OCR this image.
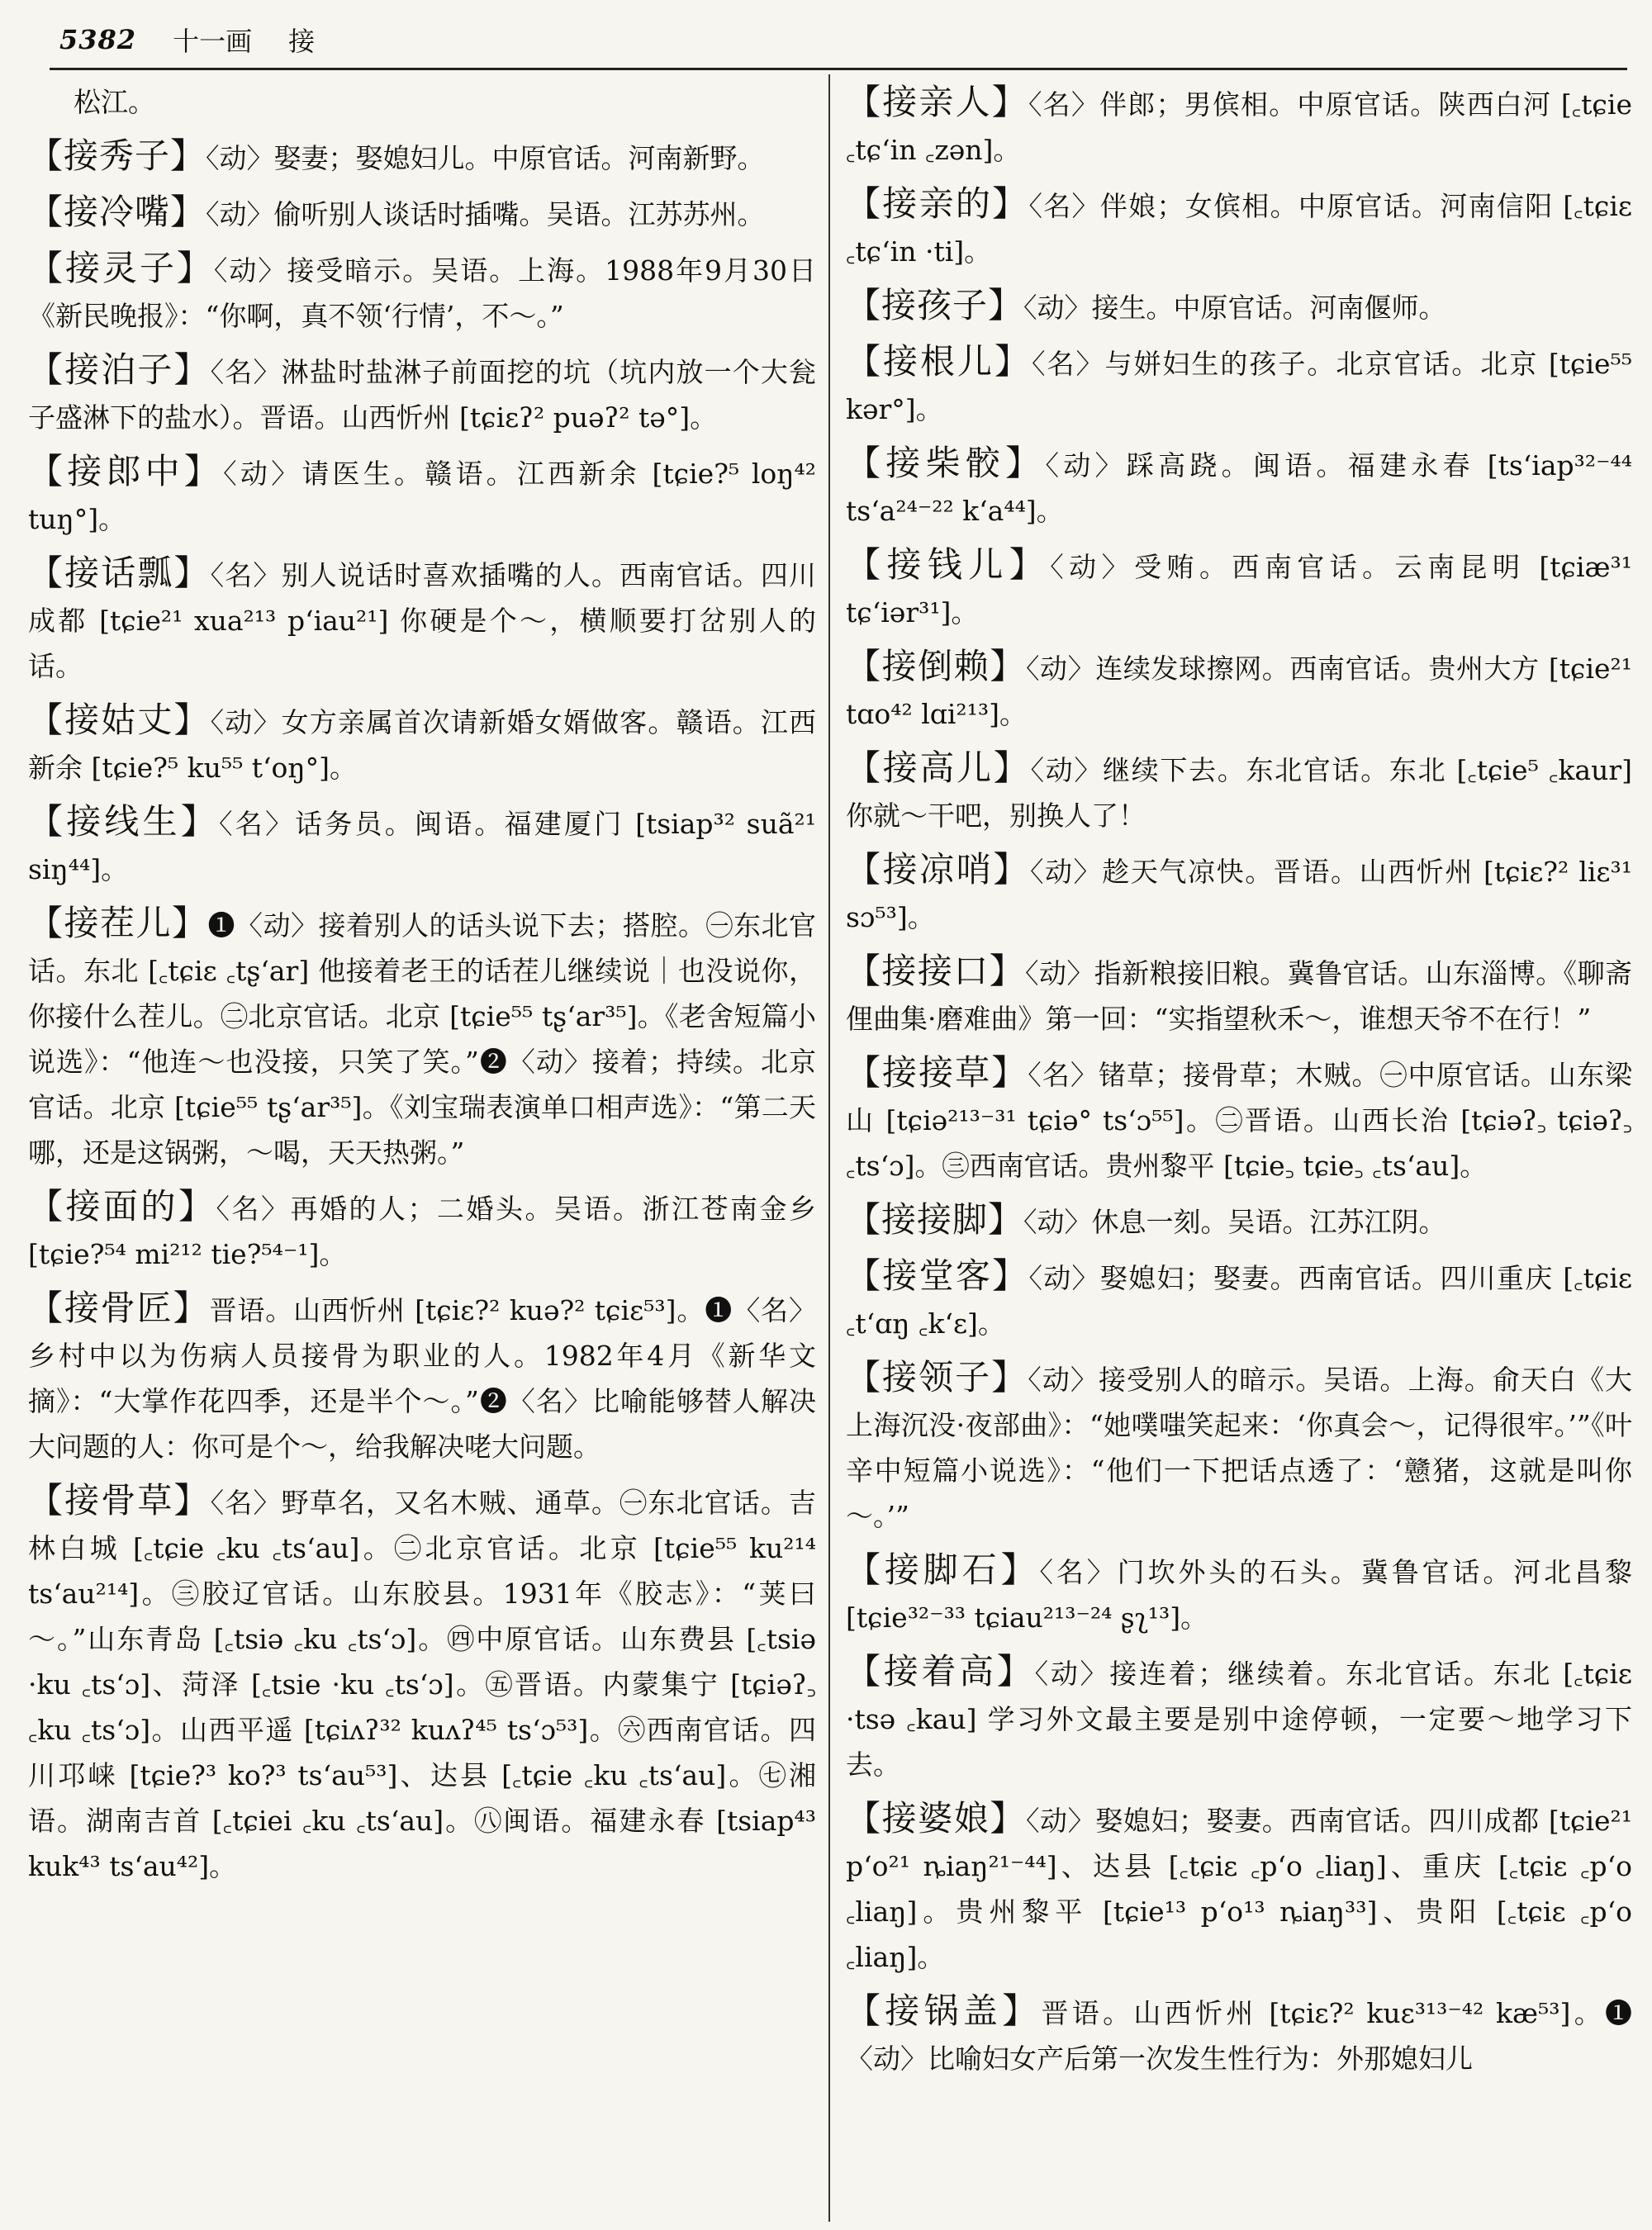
5382 十一画 接

松江。

【接秀子】〈动〉娶妻；娶媳妇儿。中原官话。河南新野。

【接冷嘴】〈动〉偷听别人谈话时插嘴。吴语。江苏苏州。

【接灵子】〈动〉接受暗示。吴语。上海。1988年9月30日《新民晚报》：“你啊，真不领‘行情’，不～。”

【接泊子】〈名〉淋盐时盐淋子前面挖的坑（坑内放一个大瓮子盛淋下的盐水）。晋语。山西忻州 [tɕiɛʔ² puəʔ² tə°]。

【接郎中】〈动〉请医生。赣语。江西新余 [tɕie?⁵ loŋ⁴² tuŋ°]。

【接话瓢】〈名〉别人说话时喜欢插嘴的人。西南官话。四川成都 [tɕie²¹ xua²¹³ pʻiau²¹] 你硬是个～，横顺要打岔别人的话。

【接姑丈】〈动〉女方亲属首次请新婚女婿做客。赣语。江西新余 [tɕie?⁵ ku⁵⁵ tʻoŋ°]。

【接线生】〈名〉话务员。闽语。福建厦门 [tsiap³² suã²¹ siŋ⁴⁴]。

【接茬儿】❶〈动〉接着别人的话头说下去；搭腔。㊀东北官话。东北 [꜀tɕiɛ ꜀tʂʻar] 他接着老王的话茬儿继续说｜也没说你，你接什么茬儿。㊁北京官话。北京 [tɕie⁵⁵ tʂʻar³⁵]。《老舍短篇小说选》：“他连～也没接，只笑了笑。”❷〈动〉接着；持续。北京官话。北京 [tɕie⁵⁵ tʂʻar³⁵]。《刘宝瑞表演单口相声选》：“第二天哪，还是这锅粥，～喝，天天热粥。”

【接面的】〈名〉再婚的人；二婚头。吴语。浙江苍南金乡 [tɕie?⁵⁴ mi²¹² tie?⁵⁴⁻¹]。

【接骨匠】晋语。山西忻州 [tɕiɛ?² kuə?² tɕiɛ⁵³]。❶〈名〉乡村中以为伤病人员接骨为职业的人。1982年4月《新华文摘》：“大掌作花四季，还是半个～。”❷〈名〉比喻能够替人解决大问题的人：你可是个～，给我解决咾大问题。

【接骨草】〈名〉野草名，又名木贼、通草。㊀东北官话。吉林白城 [꜀tɕie ꜀ku ꜀tsʻau]。㊁北京官话。北京 [tɕie⁵⁵ ku²¹⁴ tsʻau²¹⁴]。㊂胶辽官话。山东胶县。1931年《胶志》：“荚曰～。”山东青岛 [꜀tsiə ꜀ku ꜀tsʻɔ]。㊃中原官话。山东费县 [꜀tsiə ·ku ꜀tsʻɔ]、菏泽 [꜀tsie ·ku ꜀tsʻɔ]。㊄晋语。内蒙集宁 [tɕiəʔ꜆ ꜀ku ꜀tsʻɔ]。山西平遥 [tɕiʌʔ³² kuʌʔ⁴⁵ tsʻɔ⁵³]。㊅西南官话。四川邛崃 [tɕie?³ ko?³ tsʻau⁵³]、达县 [꜀tɕie ꜀ku ꜀tsʻau]。㊆湘语。湖南吉首 [꜀tɕiei ꜀ku ꜀tsʻau]。㊇闽语。福建永春 [tsiap⁴³ kuk⁴³ tsʻau⁴²]。

【接亲人】〈名〉伴郎；男傧相。中原官话。陕西白河 [꜀tɕie ꜀tɕʻin ꜀zən]。

【接亲的】〈名〉伴娘；女傧相。中原官话。河南信阳 [꜀tɕiɛ ꜀tɕʻin ·ti]。

【接孩子】〈动〉接生。中原官话。河南偃师。

【接根儿】〈名〉与姘妇生的孩子。北京官话。北京 [tɕie⁵⁵ kər°]。

【接柴骹】〈动〉踩高跷。闽语。福建永春 [tsʻiap³²⁻⁴⁴ tsʻa²⁴⁻²² kʻa⁴⁴]。

【接钱儿】〈动〉受贿。西南官话。云南昆明 [tɕiæ³¹ tɕʻiər³¹]。

【接倒赖】〈动〉连续发球擦网。西南官话。贵州大方 [tɕie²¹ tɑo⁴² lɑi²¹³]。

【接高儿】〈动〉继续下去。东北官话。东北 [꜀tɕie⁵ ꜀kaur] 你就～干吧，别换人了！

【接凉哨】〈动〉趁天气凉快。晋语。山西忻州 [tɕiɛ?² liɛ³¹ sɔ⁵³]。

【接接口】〈动〉指新粮接旧粮。冀鲁官话。山东淄博。《聊斋俚曲集·磨难曲》第一回：“实指望秋禾～，谁想天爷不在行！”

【接接草】〈名〉锗草；接骨草；木贼。㊀中原官话。山东梁山 [tɕiə²¹³⁻³¹ tɕiə° tsʻɔ⁵⁵]。㊁晋语。山西长治 [tɕiəʔ꜆ tɕiəʔ꜆ ꜀tsʻɔ]。㊂西南官话。贵州黎平 [tɕie꜆ tɕie꜆ ꜀tsʻau]。

【接接脚】〈动〉休息一刻。吴语。江苏江阴。

【接堂客】〈动〉娶媳妇；娶妻。西南官话。四川重庆 [꜀tɕiɛ ꜀tʻɑŋ ꜀kʻɛ]。

【接领子】〈动〉接受别人的暗示。吴语。上海。俞天白《大上海沉没·夜部曲》：“她噗嗤笑起来：‘你真会～，记得很牢。’”《叶辛中短篇小说选》：“他们一下把话点透了：‘戆猪，这就是叫你～。’”

【接脚石】〈名〉门坎外头的石头。冀鲁官话。河北昌黎 [tɕie³²⁻³³ tɕiau²¹³⁻²⁴ ʂʅ¹³]。

【接着高】〈动〉接连着；继续着。东北官话。东北 [꜀tɕiɛ ·tsə ꜀kau] 学习外文最主要是别中途停顿，一定要～地学习下去。

【接婆娘】〈动〉娶媳妇；娶妻。西南官话。四川成都 [tɕie²¹ pʻo²¹ ȵiaŋ²¹⁻⁴⁴]、达县 [꜀tɕiɛ ꜀pʻo ꜀liaŋ]、重庆 [꜀tɕiɛ ꜀pʻo ꜀liaŋ]。贵州黎平 [tɕie¹³ pʻo¹³ ȵiaŋ³³]、贵阳 [꜀tɕiɛ ꜀pʻo ꜀liaŋ]。

【接锅盖】晋语。山西忻州 [tɕiɛ?² kuɛ³¹³⁻⁴² kæ⁵³]。❶〈动〉比喻妇女产后第一次发生性行为：外那媳妇儿
